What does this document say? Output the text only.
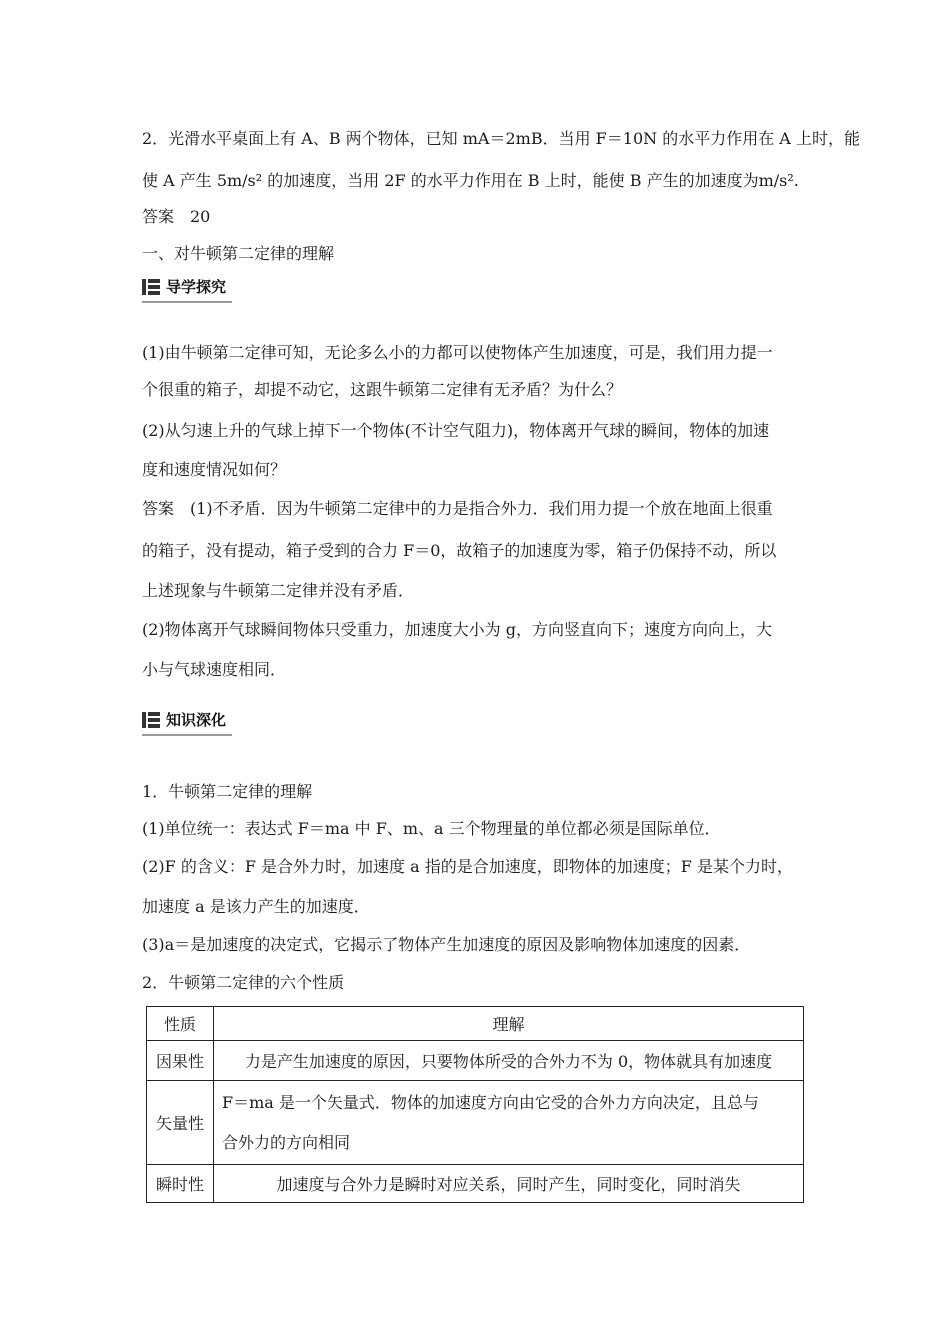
2．光滑水平桌面上有 A、B 两个物体，已知 mA＝2mB．当用 F＝10N 的水平力作用在 A 上时，能
使 A 产生 5m/s² 的加速度，当用 2F 的水平力作用在 B 上时，能使 B 产生的加速度为m/s².
答案　20
一、对牛顿第二定律的理解
导学探究
(1)由牛顿第二定律可知，无论多么小的力都可以使物体产生加速度，可是，我们用力提一
个很重的箱子，却提不动它，这跟牛顿第二定律有无矛盾？为什么？
(2)从匀速上升的气球上掉下一个物体(不计空气阻力)，物体离开气球的瞬间，物体的加速
度和速度情况如何？
答案　(1)不矛盾．因为牛顿第二定律中的力是指合外力．我们用力提一个放在地面上很重
的箱子，没有提动，箱子受到的合力 F＝0，故箱子的加速度为零，箱子仍保持不动，所以
上述现象与牛顿第二定律并没有矛盾．
(2)物体离开气球瞬间物体只受重力，加速度大小为 g，方向竖直向下；速度方向向上，大
小与气球速度相同．
知识深化
1．牛顿第二定律的理解
(1)单位统一：表达式 F＝ma 中 F、m、a 三个物理量的单位都必须是国际单位．
(2)F 的含义：F 是合外力时，加速度 a 指的是合加速度，即物体的加速度；F 是某个力时，
加速度 a 是该力产生的加速度．
(3)a＝是加速度的决定式，它揭示了物体产生加速度的原因及影响物体加速度的因素．
2．牛顿第二定律的六个性质
性质	理解
因果性	力是产生加速度的原因，只要物体所受的合外力不为 0，物体就具有加速度
矢量性	F＝ma 是一个矢量式．物体的加速度方向由它受的合外力方向决定，且总与
合外力的方向相同

瞬时性	加速度与合外力是瞬时对应关系，同时产生，同时变化，同时消失
